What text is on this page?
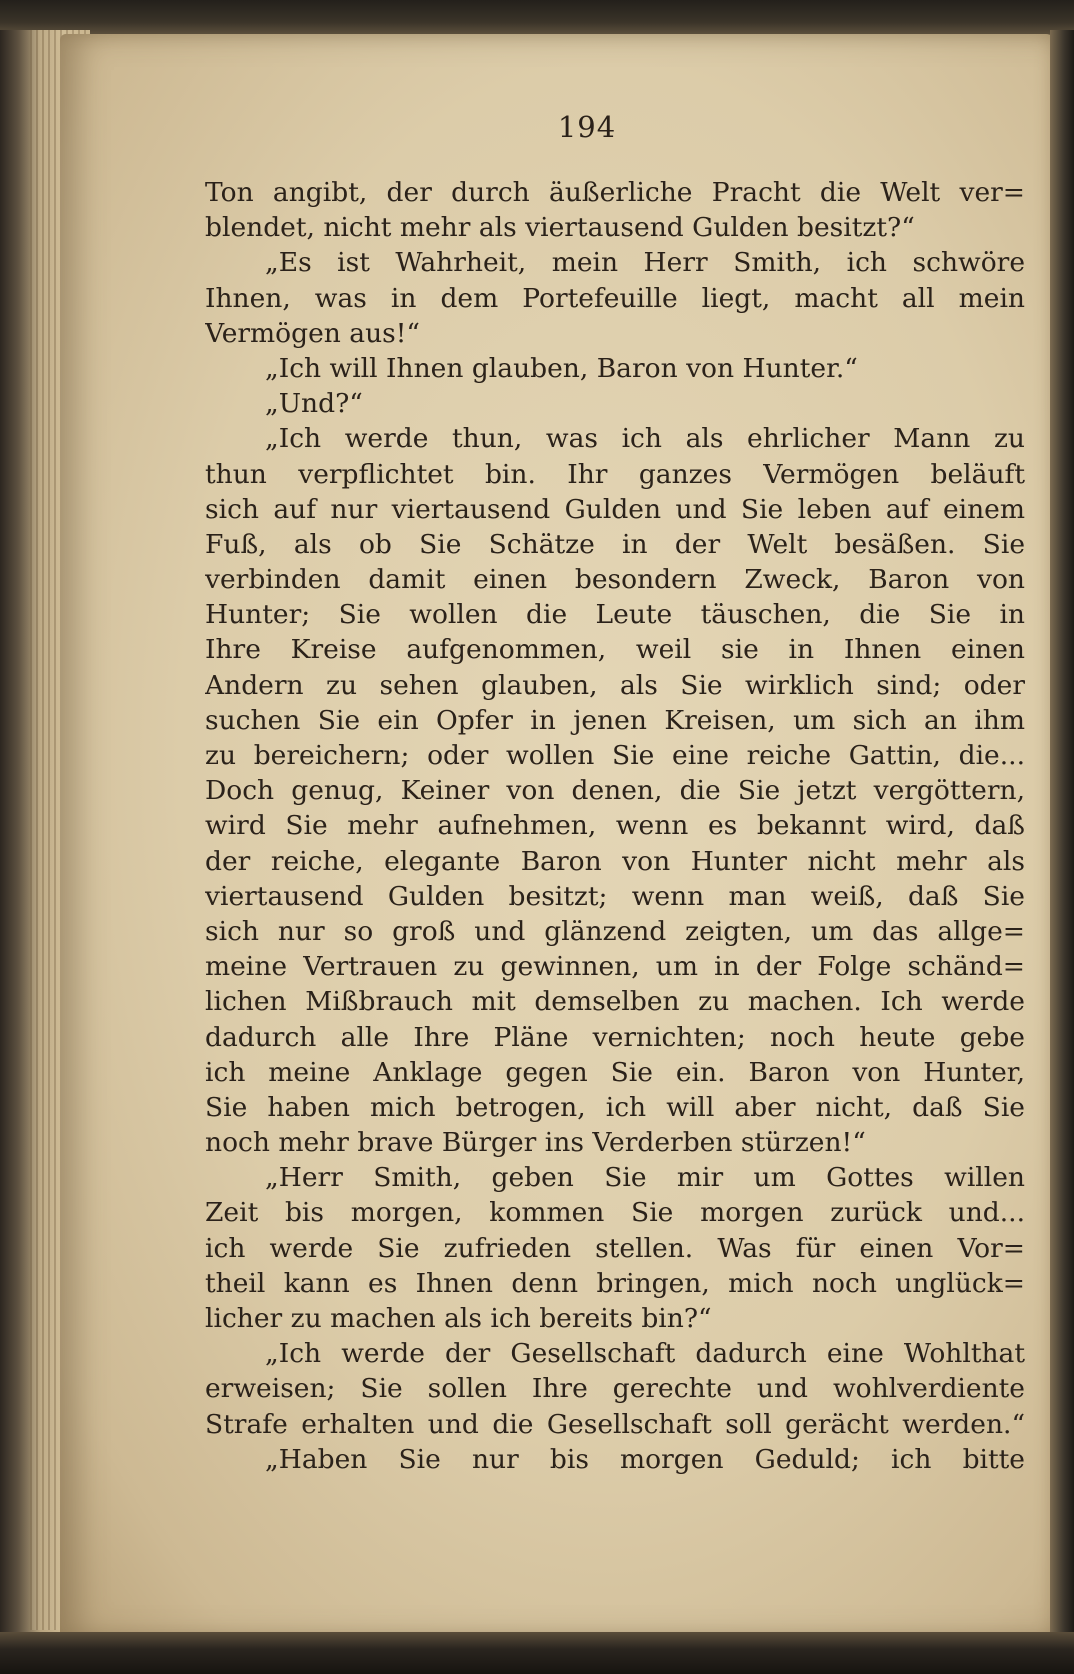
194
Ton angibt, der durch äußerliche Pracht die Welt ver=
blendet, nicht mehr als viertausend Gulden besitzt?“
„Es ist Wahrheit, mein Herr Smith, ich schwöre
Ihnen, was in dem Portefeuille liegt, macht all mein
Vermögen aus!“
„Ich will Ihnen glauben, Baron von Hunter.“
„Und?“
„Ich werde thun, was ich als ehrlicher Mann zu
thun verpflichtet bin. Ihr ganzes Vermögen beläuft
sich auf nur viertausend Gulden und Sie leben auf einem
Fuß, als ob Sie Schätze in der Welt besäßen. Sie
verbinden damit einen besondern Zweck, Baron von
Hunter; Sie wollen die Leute täuschen, die Sie in
Ihre Kreise aufgenommen, weil sie in Ihnen einen
Andern zu sehen glauben, als Sie wirklich sind; oder
suchen Sie ein Opfer in jenen Kreisen, um sich an ihm
zu bereichern; oder wollen Sie eine reiche Gattin, die...
Doch genug, Keiner von denen, die Sie jetzt vergöttern,
wird Sie mehr aufnehmen, wenn es bekannt wird, daß
der reiche, elegante Baron von Hunter nicht mehr als
viertausend Gulden besitzt; wenn man weiß, daß Sie
sich nur so groß und glänzend zeigten, um das allge=
meine Vertrauen zu gewinnen, um in der Folge schänd=
lichen Mißbrauch mit demselben zu machen. Ich werde
dadurch alle Ihre Pläne vernichten; noch heute gebe
ich meine Anklage gegen Sie ein. Baron von Hunter,
Sie haben mich betrogen, ich will aber nicht, daß Sie
noch mehr brave Bürger ins Verderben stürzen!“
„Herr Smith, geben Sie mir um Gottes willen
Zeit bis morgen, kommen Sie morgen zurück und...
ich werde Sie zufrieden stellen. Was für einen Vor=
theil kann es Ihnen denn bringen, mich noch unglück=
licher zu machen als ich bereits bin?“
„Ich werde der Gesellschaft dadurch eine Wohlthat
erweisen; Sie sollen Ihre gerechte und wohlverdiente
Strafe erhalten und die Gesellschaft soll gerächt werden.“
„Haben Sie nur bis morgen Geduld; ich bitte
